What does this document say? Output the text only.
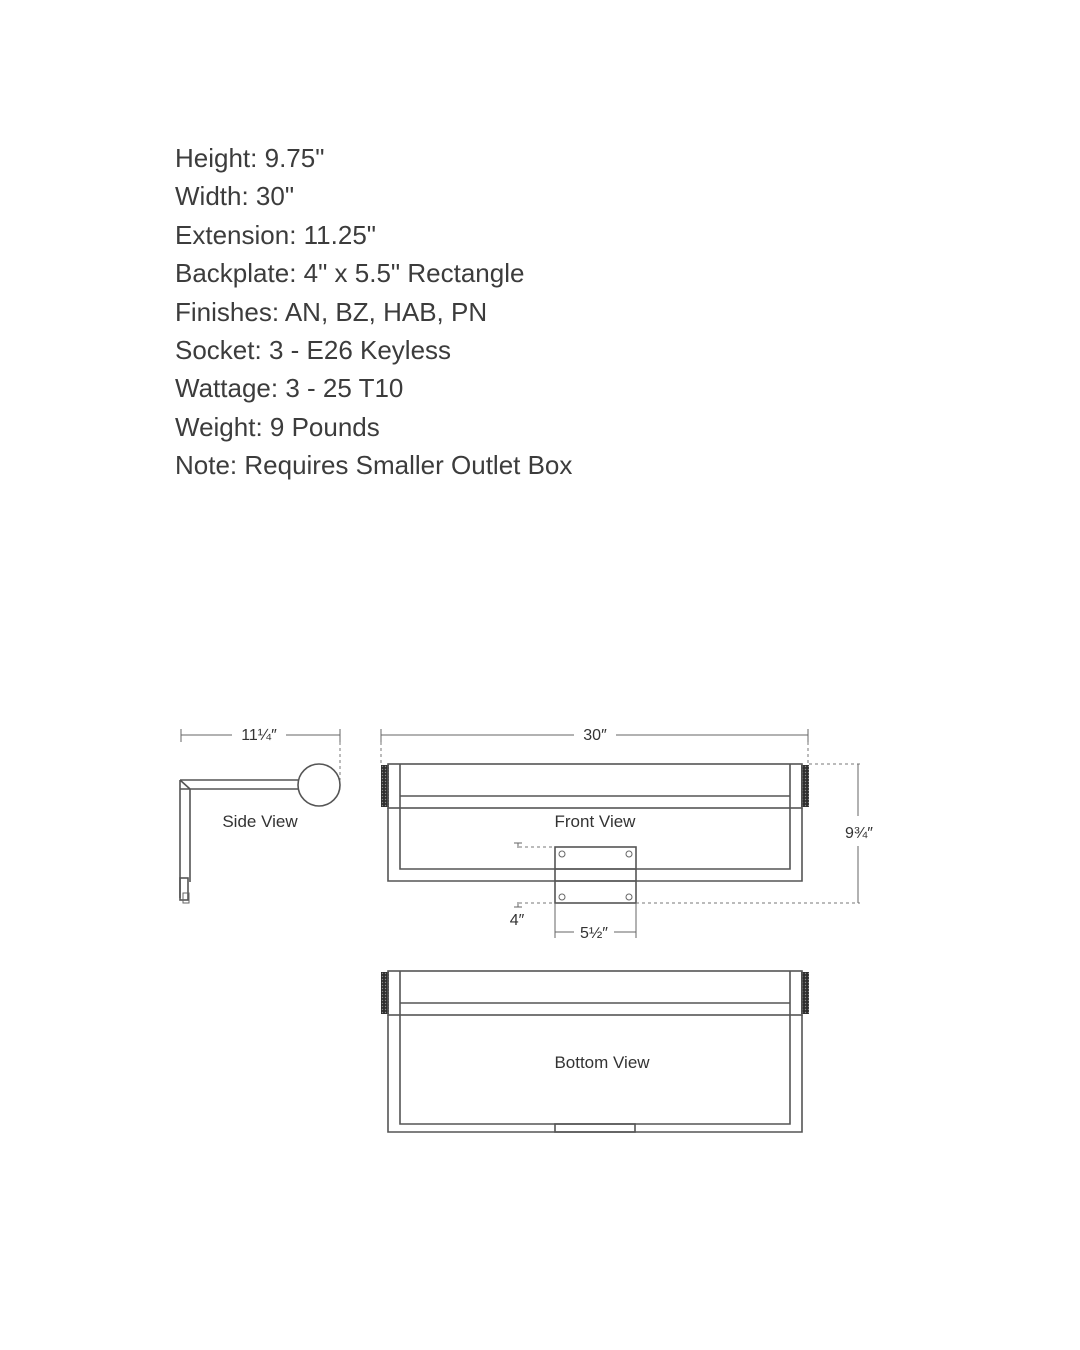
Height: 9.75"
Width: 30"
Extension: 11.25"
Backplate: 4" x 5.5" Rectangle
Finishes: AN, BZ, HAB, PN
Socket: 3 - E26 Keyless
Wattage: 3 - 25 T10
Weight: 9 Pounds
Note: Requires Smaller Outlet Box
11¼″
Side View
30″
Front View
4″
5½″
9¾″
Bottom View
